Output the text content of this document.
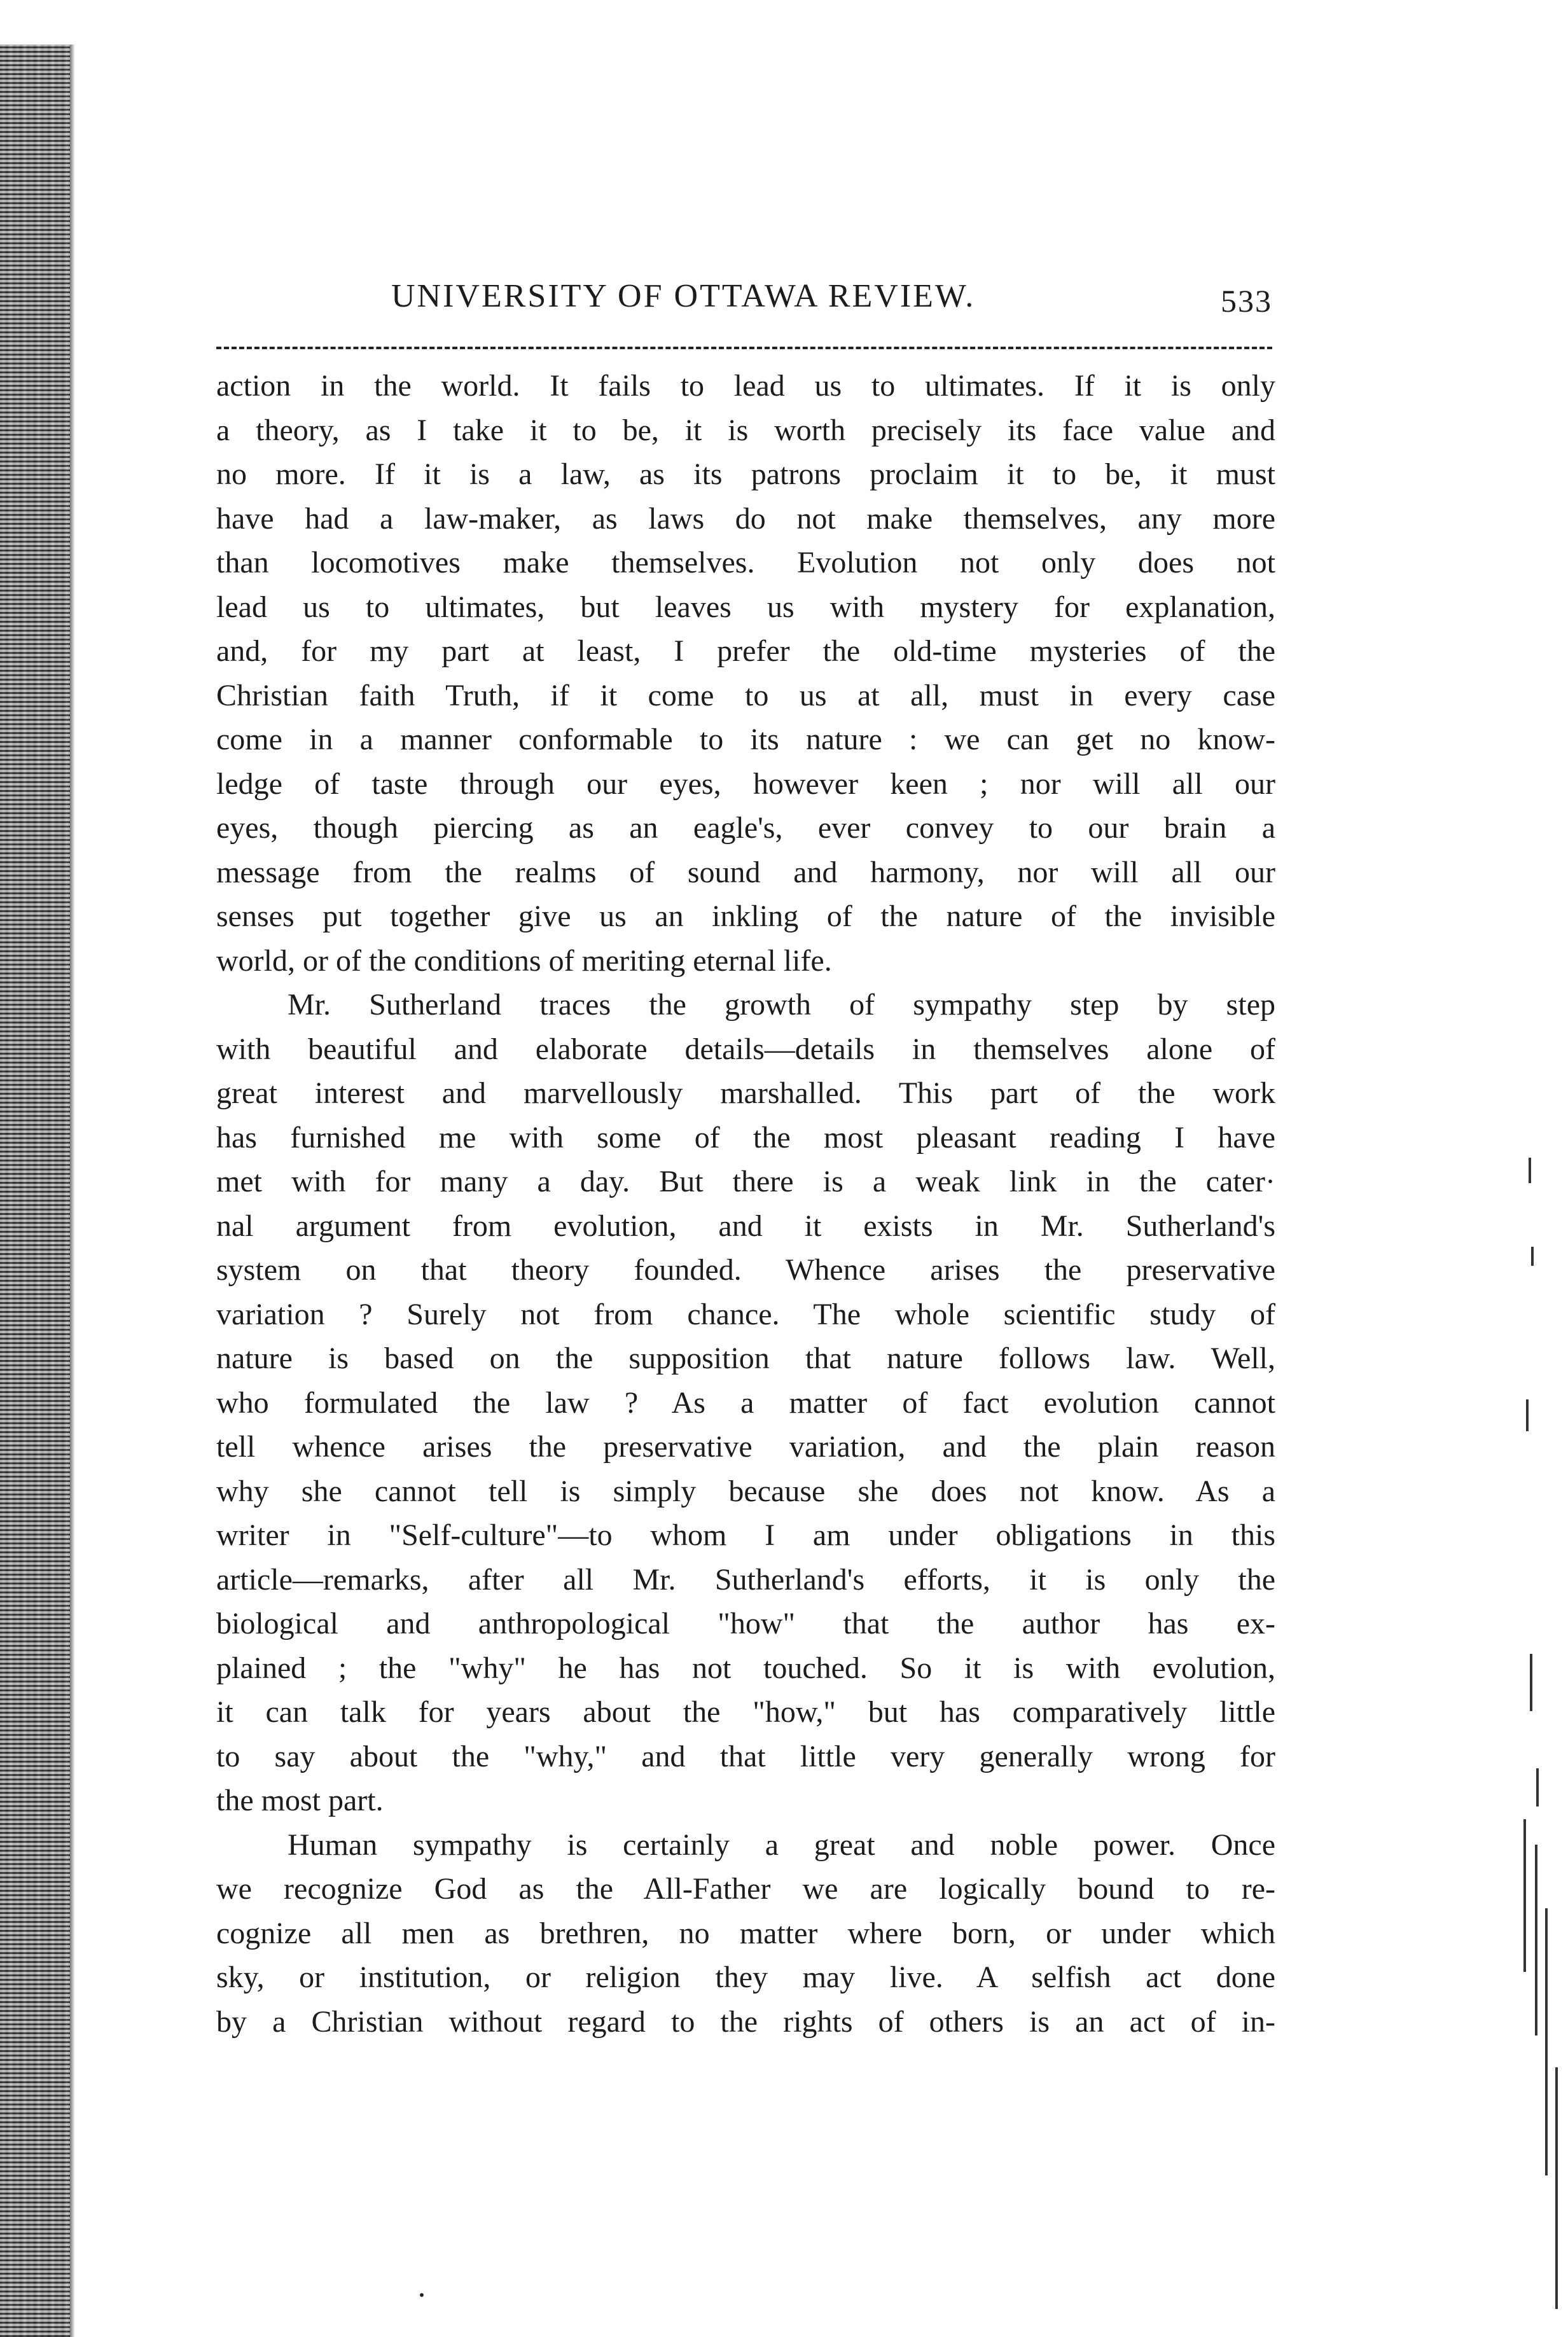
UNIVERSITY OF OTTAWA REVIEW.	533
action in the world. It fails to lead us to ultimates. If it is only
a theory, as I take it to be, it is worth precisely its face value and
no more. If it is a law, as its patrons proclaim it to be, it must
have had a law-maker, as laws do not make themselves, any more
than locomotives make themselves. Evolution not only does not
lead us to ultimates, but leaves us with mystery for explanation,
and, for my part at least, I prefer the old-time mysteries of the
Christian faith Truth, if it come to us at all, must in every case
come in a manner conformable to its nature : we can get no know-
ledge of taste through our eyes, however keen ; nor will all our
eyes, though piercing as an eagle's, ever convey to our brain a
message from the realms of sound and harmony, nor will all our
senses put together give us an inkling of the nature of the invisible
world, or of the conditions of meriting eternal life.
Mr. Sutherland traces the growth of sympathy step by step
with beautiful and elaborate details—details in themselves alone of
great interest and marvellously marshalled. This part of the work
has furnished me with some of the most pleasant reading I have
met with for many a day. But there is a weak link in the cater·
nal argument from evolution, and it exists in Mr. Sutherland's
system on that theory founded. Whence arises the preservative
variation ? Surely not from chance. The whole scientific study of
nature is based on the supposition that nature follows law. Well,
who formulated the law ? As a matter of fact evolution cannot
tell whence arises the preservative variation, and the plain reason
why she cannot tell is simply because she does not know. As a
writer in "Self-culture"—to whom I am under obligations in this
article—remarks, after all Mr. Sutherland's efforts, it is only the
biological and anthropological "how" that the author has ex-
plained ; the "why" he has not touched. So it is with evolution,
it can talk for years about the "how," but has comparatively little
to say about the "why," and that little very generally wrong for
the most part.
Human sympathy is certainly a great and noble power. Once
we recognize God as the All-Father we are logically bound to re-
cognize all men as brethren, no matter where born, or under which
sky, or institution, or religion they may live. A selfish act done
by a Christian without regard to the rights of others is an act of in-
